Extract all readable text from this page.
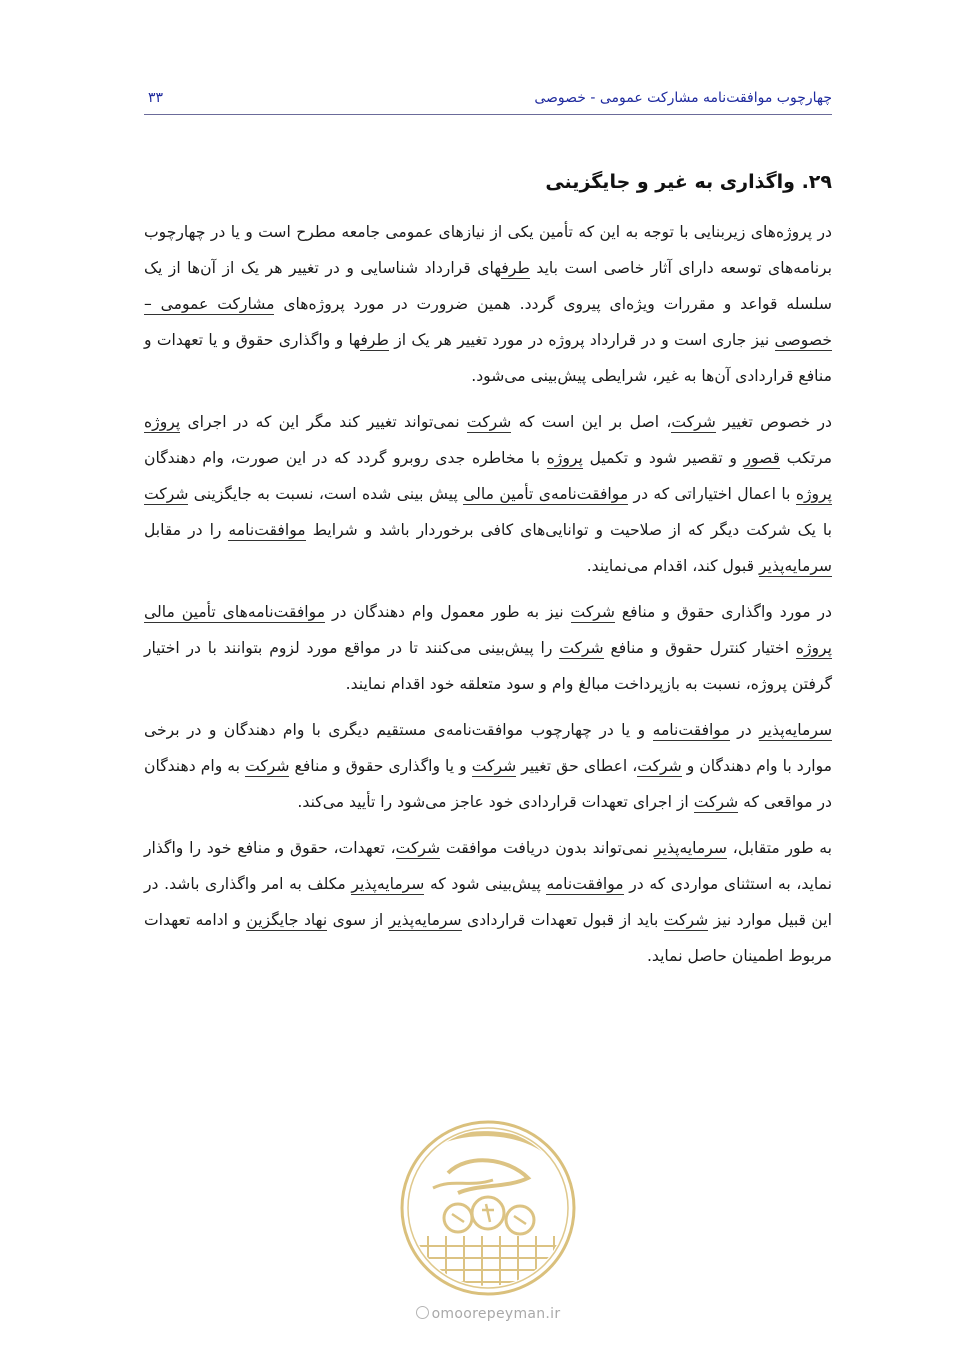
چهارچوب موافقت‌نامه مشارکت عمومی - خصوصی
۳۳
۲۹. واگذاری به غیر و جایگزینی

در پروژه‌های زیربنایی با توجه به این که تأمین یکی از نیازهای عمومی جامعه مطرح است و یا در چهارچوب برنامه‌های توسعه دارای آثار خاصی است باید طرفهای قرارداد شناسایی و در تغییر هر یک از آن‌ها از یک سلسله قواعد و مقررات ویژه‌ای پیروی گردد. همین ضرورت در مورد پروژه‌های مشارکت عمومی – خصوصی نیز جاری است و در قرارداد پروژه در مورد تغییر هر یک از طرفها و واگذاری حقوق و یا تعهدات و منافع قراردادی آن‌ها به غیر، شرایطی پیش‌بینی می‌شود.

در خصوص تغییر شرکت، اصل بر این است که شرکت نمی‌تواند تغییر کند مگر این که در اجرای پروژه مرتکب قصور و تقصیر شود و تکمیل پروژه با مخاطره جدی روبرو گردد که در این صورت، وام دهندگان پروژه با اعمال اختیاراتی که در موافقت‌نامه‌ی تأمین مالی پیش بینی شده است، نسبت به جایگزینی شرکت با یک شرکت دیگر که از صلاحیت و توانایی‌های کافی برخوردار باشد و شرایط موافقت‌نامه را در مقابل سرمایه‌پذیر قبول کند، اقدام می‌نمایند.

در مورد واگذاری حقوق و منافع شرکت نیز به طور معمول وام دهندگان در موافقت‌نامه‌های تأمین مالی پروژه اختیار کنترل حقوق و منافع شرکت را پیش‌بینی می‌کنند تا در مواقع مورد لزوم بتوانند با در اختیار گرفتن پروژه، نسبت به بازپرداخت مبالغ وام و سود متعلقه خود اقدام نمایند.

سرمایه‌پذیر در موافقت‌نامه و یا در چهارچوب موافقت‌نامه‌ی مستقیم دیگری با وام دهندگان و در برخی موارد با وام دهندگان و شرکت، اعطای حق تغییر شرکت و یا واگذاری حقوق و منافع شرکت به وام دهندگان در مواقعی که شرکت از اجرای تعهدات قراردادی خود عاجز می‌شود را تأیید می‌کند.

به طور متقابل، سرمایه‌پذیر نمی‌تواند بدون دریافت موافقت شرکت، تعهدات، حقوق و منافع خود را واگذار نماید، به استثنای مواردی که در موافقت‌نامه پیش‌بینی شود که سرمایه‌پذیر مکلف به امر واگذاری باشد. در این قبیل موارد نیز شرکت باید از قبول تعهدات قراردادی سرمایه‌پذیر از سوی نهاد جایگزین و ادامه تعهدات مربوط اطمینان حاصل نماید.

omoorepeyman.ir
